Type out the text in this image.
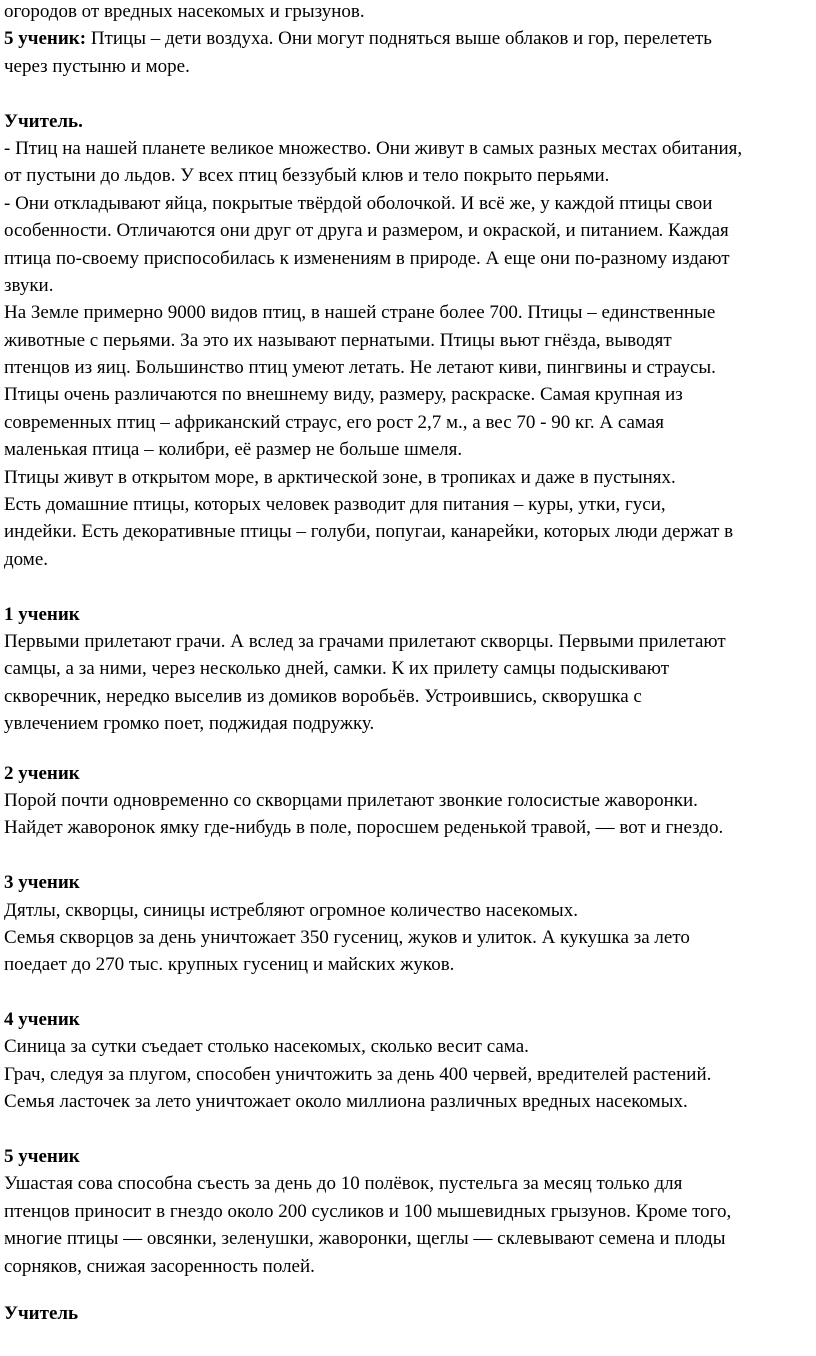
огородов от вредных насекомых и грызунов.
5 ученик: Птицы – дети воздуха. Они могут подняться выше облаков и гор, перелететь
через пустыню и море.
Учитель.
- Птиц на нашей планете великое множество. Они живут в самых разных местах обитания,
от пустыни до льдов. У всех птиц беззубый клюв и тело покрыто перьями.
- Они откладывают яйца, покрытые твёрдой оболочкой. И всё же, у каждой птицы свои
особенности. Отличаются они друг от друга и размером, и окраской, и питанием. Каждая
птица по-своему приспособилась к изменениям в природе. А еще они по-разному издают
звуки.
На Земле примерно 9000 видов птиц, в нашей стране более 700. Птицы – единственные
животные с перьями. За это их называют пернатыми. Птицы вьют гнёзда, выводят
птенцов из яиц. Большинство птиц умеют летать. Не летают киви, пингвины и страусы.
Птицы очень различаются по внешнему виду, размеру, раскраске. Самая крупная из
современных птиц – африканский страус, его рост 2,7 м., а вес 70 - 90 кг. А самая
маленькая птица – колибри, её размер не больше шмеля.
Птицы живут в открытом море, в арктической зоне, в тропиках и даже в пустынях.
Есть домашние птицы, которых человек разводит для питания – куры, утки, гуси,
индейки. Есть декоративные птицы – голуби, попугаи, канарейки, которых люди держат в
доме.
1 ученик
Первыми прилетают грачи. А вслед за грачами прилетают скворцы. Первыми прилетают
самцы, а за ними, через несколько дней, самки. К их прилету самцы подыскивают
скворечник, нередко выселив из домиков воробьёв. Устроившись, скворушка с
увлечением громко поет, поджидая подружку.
2 ученик
Порой почти одновременно со скворцами прилетают звонкие голосистые жаворонки.
Найдет жаворонок ямку где-нибудь в поле, поросшем реденькой травой, — вот и гнездо.
3 ученик
Дятлы, скворцы, синицы истребляют огромное количество насекомых.
Семья скворцов за день уничтожает 350 гусениц, жуков и улиток. А кукушка за лето
поедает до 270 тыс. крупных гусениц и майских жуков.
4 ученик
Синица за сутки съедает столько насекомых, сколько весит сама.
Грач, следуя за плугом, способен уничтожить за день 400 червей, вредителей растений.
Семья ласточек за лето уничтожает около миллиона различных вредных насекомых.
5 ученик
Ушастая сова способна съесть за день до 10 полёвок, пустельга за месяц только для
птенцов приносит в гнездо около 200 сусликов и 100 мышевидных грызунов. Кроме того,
многие птицы — овсянки, зеленушки, жаворонки, щеглы — склевывают семена и плоды
сорняков, снижая засоренность полей.
Учитель
